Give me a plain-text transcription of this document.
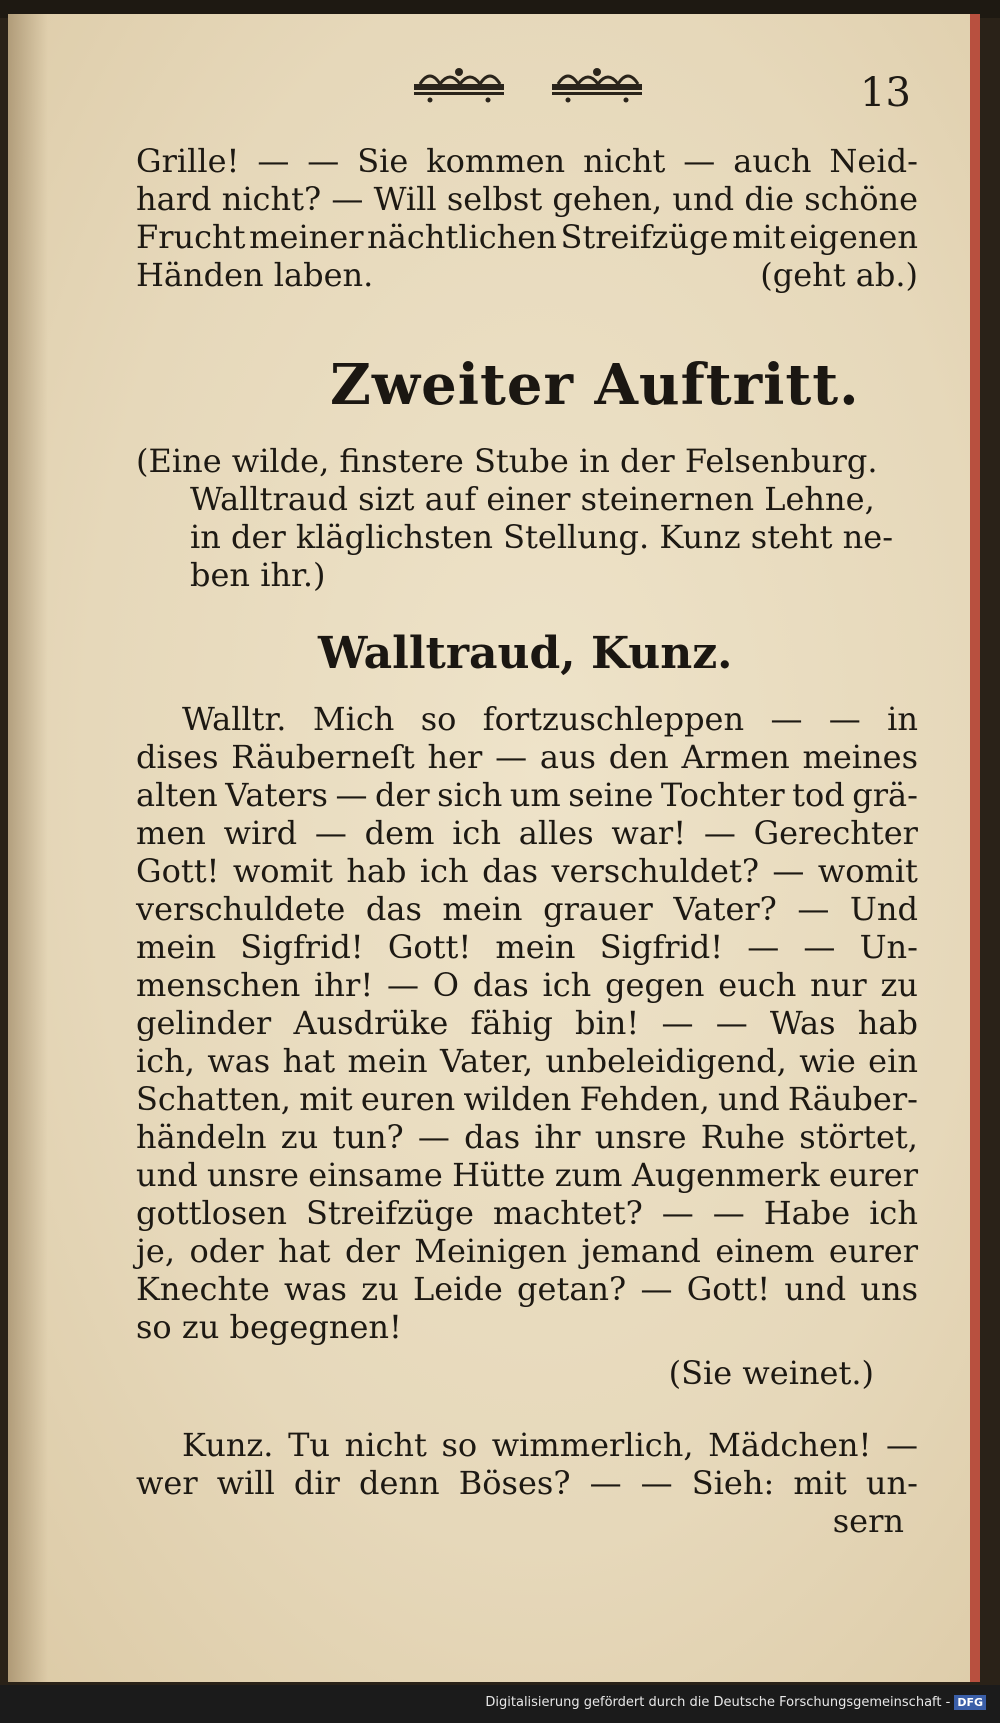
13
Grille! — — Sie kommen nicht — auch Neid-
hard nicht? — Will selbst gehen, und die schöne
Frucht meiner nächtlichen Streifzüge mit eigenen
Händen laben.	(geht ab.)
Zweiter Auftritt.
(Eine wilde, finstere Stube in der Felsenburg.
Walltraud sizt auf einer steinernen Lehne,
in der kläglichsten Stellung. Kunz steht ne-
ben ihr.)
Walltraud, Kunz.
Walltr. Mich so fortzuschleppen — — in
dises Räuberneſt her — aus den Armen meines
alten Vaters — der sich um seine Tochter tod grä-
men wird — dem ich alles war! — Gerechter
Gott! womit hab ich das verschuldet? — womit
verschuldete das mein grauer Vater? — Und
mein Sigfrid! Gott! mein Sigfrid! — — Un-
menschen ihr! — O das ich gegen euch nur zu
gelinder Ausdrüke fähig bin! — — Was hab
ich, was hat mein Vater, unbeleidigend, wie ein
Schatten, mit euren wilden Fehden, und Räuber-
händeln zu tun? — das ihr unsre Ruhe störtet,
und unsre einsame Hütte zum Augenmerk eurer
gottlosen Streifzüge machtet? — — Habe ich
je, oder hat der Meinigen jemand einem eurer
Knechte was zu Leide getan? — Gott! und uns
so zu begegnen!
(Sie weinet.)
Kunz. Tu nicht so wimmerlich, Mädchen! —
wer will dir denn Böses? — — Sieh: mit un-
sern
Digitalisierung gefördert durch die Deutsche Forschungsgemeinschaft - DFG
